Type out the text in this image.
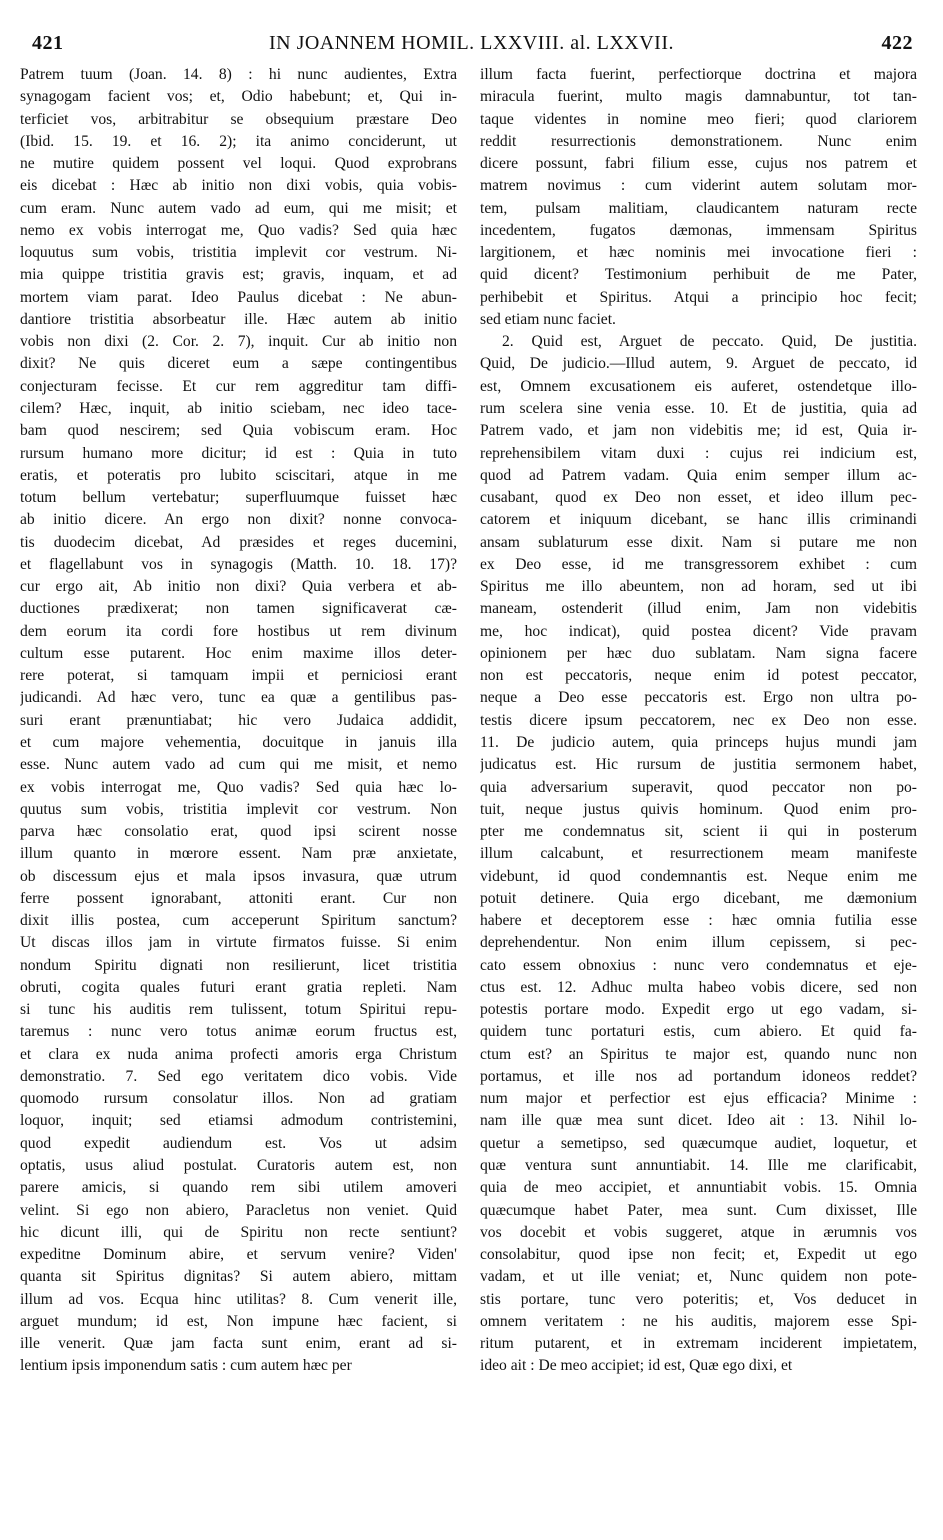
421	IN JOANNEM HOMIL. LXXVIII. al. LXXVII.	422
Patrem tuum (Joan. 14. 8) : hi nunc audientes, Extra
synagogam facient vos; et, Odio habebunt; et, Qui in-
terficiet vos, arbitrabitur se obsequium præstare Deo
(Ibid. 15. 19. et 16. 2); ita animo conciderunt, ut
ne mutire quidem possent vel loqui. Quod exprobrans
eis dicebat : Hæc ab initio non dixi vobis, quia vobis-
cum eram. Nunc autem vado ad eum, qui me misit; et
nemo ex vobis interrogat me, Quo vadis? Sed quia hæc
loquutus sum vobis, tristitia implevit cor vestrum. Ni-
mia quippe tristitia gravis est; gravis, inquam, et ad
mortem viam parat. Ideo Paulus dicebat : Ne abun-
dantiore tristitia absorbeatur ille. Hæc autem ab initio
vobis non dixi (2. Cor. 2. 7), inquit. Cur ab initio non
dixit? Ne quis diceret eum a sæpe contingentibus
conjecturam fecisse. Et cur rem aggreditur tam diffi-
cilem? Hæc, inquit, ab initio sciebam, nec ideo tace-
bam quod nescirem; sed Quia vobiscum eram. Hoc
rursum humano more dicitur; id est : Quia in tuto
eratis, et poteratis pro lubito sciscitari, atque in me
totum bellum vertebatur; superfluumque fuisset hæc
ab initio dicere. An ergo non dixit? nonne convoca-
tis duodecim dicebat, Ad præsides et reges ducemini,
et flagellabunt vos in synagogis (Matth. 10. 18. 17)?
cur ergo ait, Ab initio non dixi? Quia verbera et ab-
ductiones prædixerat; non tamen significaverat cæ-
dem eorum ita cordi fore hostibus ut rem divinum
cultum esse putarent. Hoc enim maxime illos deter-
rere poterat, si tamquam impii et perniciosi erant
judicandi. Ad hæc vero, tunc ea quæ a gentilibus pas-
suri erant prænuntiabat; hic vero Judaica addidit,
et cum majore vehementia, docuitque in januis illa
esse. Nunc autem vado ad cum qui me misit, et nemo
ex vobis interrogat me, Quo vadis? Sed quia hæc lo-
quutus sum vobis, tristitia implevit cor vestrum. Non
parva hæc consolatio erat, quod ipsi scirent nosse
illum quanto in mœrore essent. Nam præ anxietate,
ob discessum ejus et mala ipsos invasura, quæ utrum
ferre possent ignorabant, attoniti erant. Cur non
dixit illis postea, cum acceperunt Spiritum sanctum?
Ut discas illos jam in virtute firmatos fuisse. Si enim
nondum Spiritu dignati non resilierunt, licet tristitia
obruti, cogita quales futuri erant gratia repleti. Nam
si tunc his auditis rem tulissent, totum Spiritui repu-
taremus : nunc vero totus animæ eorum fructus est,
et clara ex nuda anima profecti amoris erga Christum
demonstratio. 7. Sed ego veritatem dico vobis. Vide
quomodo rursum consolatur illos. Non ad gratiam
loquor, inquit; sed etiamsi admodum contristemini,
quod expedit audiendum est. Vos ut adsim
optatis, usus aliud postulat. Curatoris autem est, non
parere amicis, si quando rem sibi utilem amoveri
velint. Si ego non abiero, Paracletus non veniet. Quid
hic dicunt illi, qui de Spiritu non recte sentiunt?
expeditne Dominum abire, et servum venire? Viden'
quanta sit Spiritus dignitas? Si autem abiero, mittam
illum ad vos. Ecqua hinc utilitas? 8. Cum venerit ille,
arguet mundum; id est, Non impune hæc facient, si
ille venerit. Quæ jam facta sunt enim, erant ad si-
lentium ipsis imponendum satis : cum autem hæc per
illum facta fuerint, perfectiorque doctrina et majora
miracula fuerint, multo magis damnabuntur, tot tan-
taque videntes in nomine meo fieri; quod clariorem
reddit resurrectionis demonstrationem. Nunc enim
dicere possunt, fabri filium esse, cujus nos patrem et
matrem novimus : cum viderint autem solutam mor-
tem, pulsam malitiam, claudicantem naturam recte
incedentem, fugatos dæmonas, immensam Spiritus
largitionem, et hæc nominis mei invocatione fieri :
quid dicent? Testimonium perhibuit de me Pater,
perhibebit et Spiritus. Atqui a principio hoc fecit;
sed etiam nunc faciet.
2. Quid est, Arguet de peccato. Quid, De justitia.
Quid, De judicio.—Illud autem, 9. Arguet de peccato, id
est, Omnem excusationem eis auferet, ostendetque illo-
rum scelera sine venia esse. 10. Et de justitia, quia ad
Patrem vado, et jam non videbitis me; id est, Quia ir-
reprehensibilem vitam duxi : cujus rei indicium est,
quod ad Patrem vadam. Quia enim semper illum ac-
cusabant, quod ex Deo non esset, et ideo illum pec-
catorem et iniquum dicebant, se hanc illis criminandi
ansam sublaturum esse dixit. Nam si putare me non
ex Deo esse, id me transgressorem exhibet : cum
Spiritus me illo abeuntem, non ad horam, sed ut ibi
maneam, ostenderit (illud enim, Jam non videbitis
me, hoc indicat), quid postea dicent? Vide pravam
opinionem per hæc duo sublatam. Nam signa facere
non est peccatoris, neque enim id potest peccator,
neque a Deo esse peccatoris est. Ergo non ultra po-
testis dicere ipsum peccatorem, nec ex Deo non esse.
11. De judicio autem, quia princeps hujus mundi jam
judicatus est. Hic rursum de justitia sermonem habet,
quia adversarium superavit, quod peccator non po-
tuit, neque justus quivis hominum. Quod enim pro-
pter me condemnatus sit, scient ii qui in posterum
illum calcabunt, et resurrectionem meam manifeste
videbunt, id quod condemnantis est. Neque enim me
potuit detinere. Quia ergo dicebant, me dæmonium
habere et deceptorem esse : hæc omnia futilia esse
deprehendentur. Non enim illum cepissem, si pec-
cato essem obnoxius : nunc vero condemnatus et eje-
ctus est. 12. Adhuc multa habeo vobis dicere, sed non
potestis portare modo. Expedit ergo ut ego vadam, si-
quidem tunc portaturi estis, cum abiero. Et quid fa-
ctum est? an Spiritus te major est, quando nunc non
portamus, et ille nos ad portandum idoneos reddet?
num major et perfectior est ejus efficacia? Minime :
nam ille quæ mea sunt dicet. Ideo ait : 13. Nihil lo-
quetur a semetipso, sed quæcumque audiet, loquetur, et
quæ ventura sunt annuntiabit. 14. Ille me clarificabit,
quia de meo accipiet, et annuntiabit vobis. 15. Omnia
quæcumque habet Pater, mea sunt. Cum dixisset, Ille
vos docebit et vobis suggeret, atque in ærumnis vos
consolabitur, quod ipse non fecit; et, Expedit ut ego
vadam, et ut ille veniat; et, Nunc quidem non pote-
stis portare, tunc vero poteritis; et, Vos deducet in
omnem veritatem : ne his auditis, majorem esse Spi-
ritum putarent, et in extremam inciderent impietatem,
ideo ait : De meo accipiet; id est, Quæ ego dixi, et
